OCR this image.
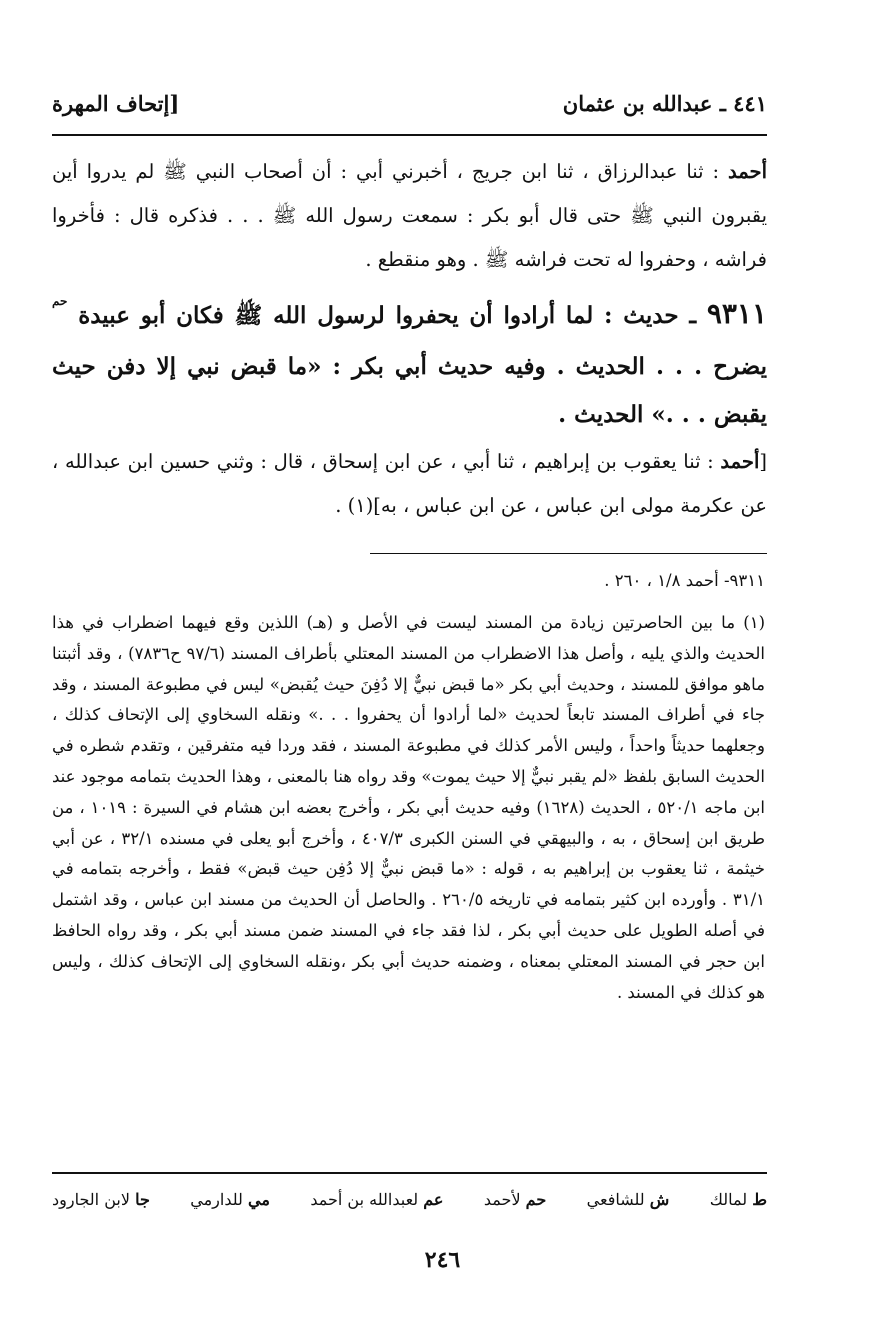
٤٤١ ـ عبدالله بن عثمان
[إتحاف المهرة
أحمد : ثنا عبدالرزاق ، ثنا ابن جريج ، أخبرني أبي : أن أصحاب النبي ﷺ لم يدروا أين يقبرون النبي ﷺ حتى قال أبو بكر : سمعت رسول الله ﷺ . . . فذكره قال : فأخروا فراشه ، وحفروا له تحت فراشه ﷺ . وهو منقطع .
٩٣١١ ـ حديث : لما أرادوا أن يحفروا لرسول الله ﷺ فكان أبو عبيدة $^{حم}$ يضرح . . . الحديث . وفيه حديث أبي بكر : «ما قبض نبي إلا دفن حيث يقبض . . .» الحديث .
[أحمد : ثنا يعقوب بن إبراهيم ، ثنا أبي ، عن ابن إسحاق ، قال : وثني حسين ابن عبدالله ، عن عكرمة مولى ابن عباس ، عن ابن عباس ، به](١) .
٩٣١١- أحمد ١/٨ ، ٢٦٠ .
(١) ما بين الحاصرتين زيادة من المسند ليست في الأصل و (هـ) اللذين وقع فيهما اضطراب في هذا الحديث والذي يليه ، وأصل هذا الاضطراب من المسند المعتلي بأطراف المسند (٩٧/٦ ح٧٨٣٦) ، وقد أثبتنا ماهو موافق للمسند ، وحديث أبي بكر «ما قبض نبيٌّ إلا دُفِنَ حيث يُقبض» ليس في مطبوعة المسند ، وقد جاء في أطراف المسند تابعاً لحديث «لما أرادوا أن يحفروا . . .» ونقله السخاوي إلى الإتحاف كذلك ، وجعلهما حديثاً واحداً ، وليس الأمر كذلك في مطبوعة المسند ، فقد وردا فيه متفرقين ، وتقدم شطره في الحديث السابق بلفظ «لم يقبر نبيٌّ إلا حيث يموت» وقد رواه هنا بالمعنى ، وهذا الحديث بتمامه موجود عند ابن ماجه ٥٢٠/١ ، الحديث (١٦٢٨) وفيه حديث أبي بكر ، وأخرج بعضه ابن هشام في السيرة : ١٠١٩ ، من طريق ابن إسحاق ، به ، والبيهقي في السنن الكبرى ٤٠٧/٣ ، وأخرج أبو يعلى في مسنده ٣٢/١ ، عن أبي خيثمة ، ثنا يعقوب بن إبراهيم به ، قوله : «ما قبض نبيٌّ إلا دُفِن حيث قبض» فقط ، وأخرجه بتمامه في ٣١/١ . وأورده ابن كثير بتمامه في تاريخه ٢٦٠/٥ . والحاصل أن الحديث من مسند ابن عباس ، وقد اشتمل في أصله الطويل على حديث أبي بكر ، لذا فقد جاء في المسند ضمن مسند أبي بكر ، وقد رواه الحافظ ابن حجر في المسند المعتلي بمعناه ، وضمنه حديث أبي بكر ،ونقله السخاوي إلى الإتحاف كذلك ، وليس هو كذلك في المسند .
ط لمالك
ش للشافعي
حم لأحمد
عم لعبدالله بن أحمد
مي للدارمي
جا لابن الجارود
٢٤٦
